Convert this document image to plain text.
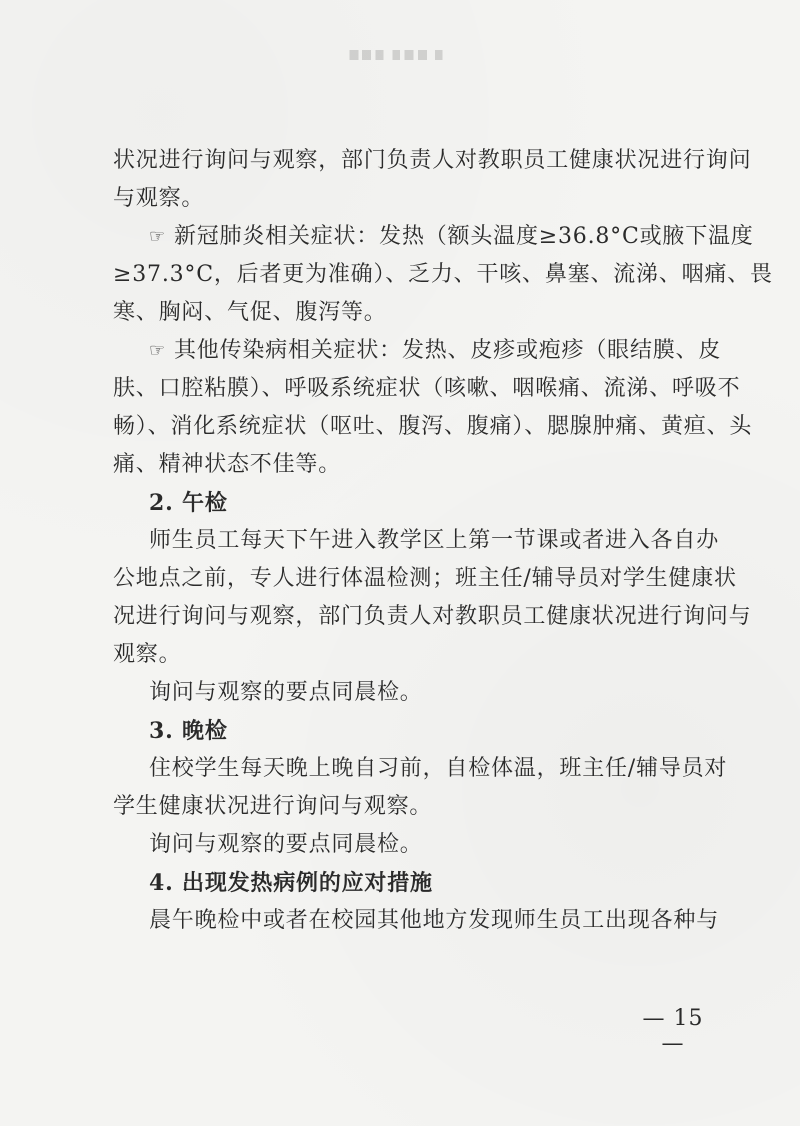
状况进行询问与观察，部门负责人对教职员工健康状况进行询问
与观察。
☞ 新冠肺炎相关症状：发热（额头温度≥36.8°C或腋下温度
≥37.3°C，后者更为准确）、乏力、干咳、鼻塞、流涕、咽痛、畏
寒、胸闷、气促、腹泻等。
☞ 其他传染病相关症状：发热、皮疹或疱疹（眼结膜、皮
肤、口腔粘膜）、呼吸系统症状（咳嗽、咽喉痛、流涕、呼吸不
畅）、消化系统症状（呕吐、腹泻、腹痛）、腮腺肿痛、黄疸、头
痛、精神状态不佳等。
2. 午检
师生员工每天下午进入教学区上第一节课或者进入各自办
公地点之前，专人进行体温检测；班主任/辅导员对学生健康状
况进行询问与观察，部门负责人对教职员工健康状况进行询问与
观察。
询问与观察的要点同晨检。
3. 晚检
住校学生每天晚上晚自习前，自检体温，班主任/辅导员对
学生健康状况进行询问与观察。
询问与观察的要点同晨检。
4. 出现发热病例的应对措施
晨午晚检中或者在校园其他地方发现师生员工出现各种与
— 15 —
